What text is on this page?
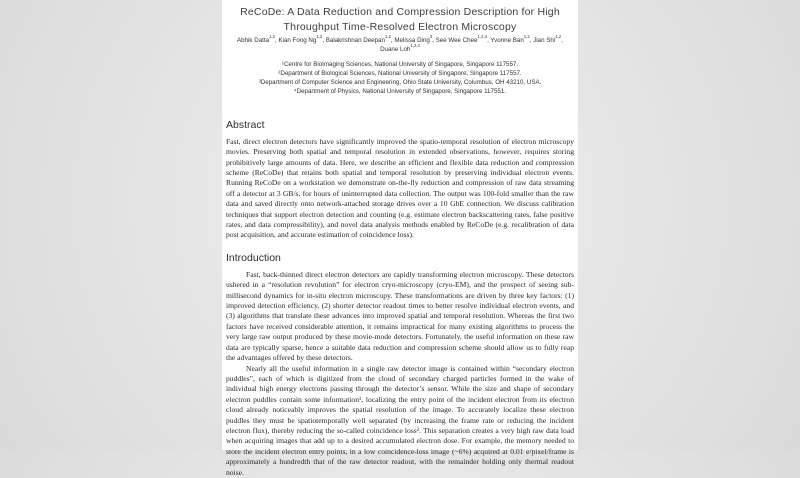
ReCoDe: A Data Reduction and Compression Description for High Throughput Time-Resolved Electron Microscopy
Abhik Datta$^{1,2}$, Kian Fong Ng$^{1,2}$, Balakrishnan Deepan$^{1,2}$, Melissa Ding$^3$, See Wee Chee$^{1,2,4}$, Yvonne Ban$^{1,2}$, Jian Shi$^{1,2}$,
Duane Loh$^{1,2,4}$
¹Centre for BioImaging Sciences, National University of Singapore, Singapore 117557.
²Department of Biological Sciences, National University of Singapore, Singapore 117557.
³Department of Computer Science and Engineering, Ohio State University, Columbus, OH 43210, USA.
⁴Department of Physics, National University of Singapore, Singapore 117551.
Abstract

Fast, direct electron detectors have significantly improved the spatio-temporal resolution of electron microscopy movies. Preserving both spatial and temporal resolution in extended observations, however, requires storing prohibitively large amounts of data. Here, we describe an efficient and flexible data reduction and compression scheme (ReCoDe) that retains both spatial and temporal resolution by preserving individual electron events. Running ReCoDe on a workstation we demonstrate on-the-fly reduction and compression of raw data streaming off a detector at 3 GB/s, for hours of uninterrupted data collection. The output was 100-fold smaller than the raw data and saved directly onto network-attached storage drives over a 10 GbE connection. We discuss calibration techniques that support electron detection and counting (e.g. estimate electron backscattering rates, false positive rates, and data compressibility), and novel data analysis methods enabled by ReCoDe (e.g. recalibration of data post acquisition, and accurate estimation of coincidence loss).

Introduction

Fast, back-thinned direct electron detectors are rapidly transforming electron microscopy. These detectors ushered in a “resolution revolution” for electron cryo-microscopy (cryo-EM), and the prospect of seeing sub-millisecond dynamics for in-situ electron microscopy. These transformations are driven by three key factors: (1) improved detection efficiency, (2) shorter detector readout times to better resolve individual electron events, and (3) algorithms that translate these advances into improved spatial and temporal resolution. Whereas the first two factors have received considerable attention, it remains impractical for many existing algorithms to process the very large raw output produced by these movie-mode detectors. Fortunately, the useful information on these raw data are typically sparse, hence a suitable data reduction and compression scheme should allow us to fully reap the advantages offered by these detectors.

Nearly all the useful information in a single raw detector image is contained within “secondary electron puddles”, each of which is digitized from the cloud of secondary charged particles formed in the wake of individual high energy electrons passing through the detector’s sensor. While the size and shape of secondary electron puddles contain some information¹, localizing the entry point of the incident electron from its electron cloud already noticeably improves the spatial resolution of the image. To accurately localize these electron puddles they must be spatiotemporally well separated (by increasing the frame rate or reducing the incident electron flux), thereby reducing the so-called coincidence loss². This separation creates a very high raw data load when acquiring images that add up to a desired accumulated electron dose. For example, the memory needed to store the incident electron entry points, in a low coincidence-loss image (~6%) acquired at 0.01 e/pixel/frame is approximately a hundredth that of the raw detector readout, with the remainder holding only thermal readout noise.
